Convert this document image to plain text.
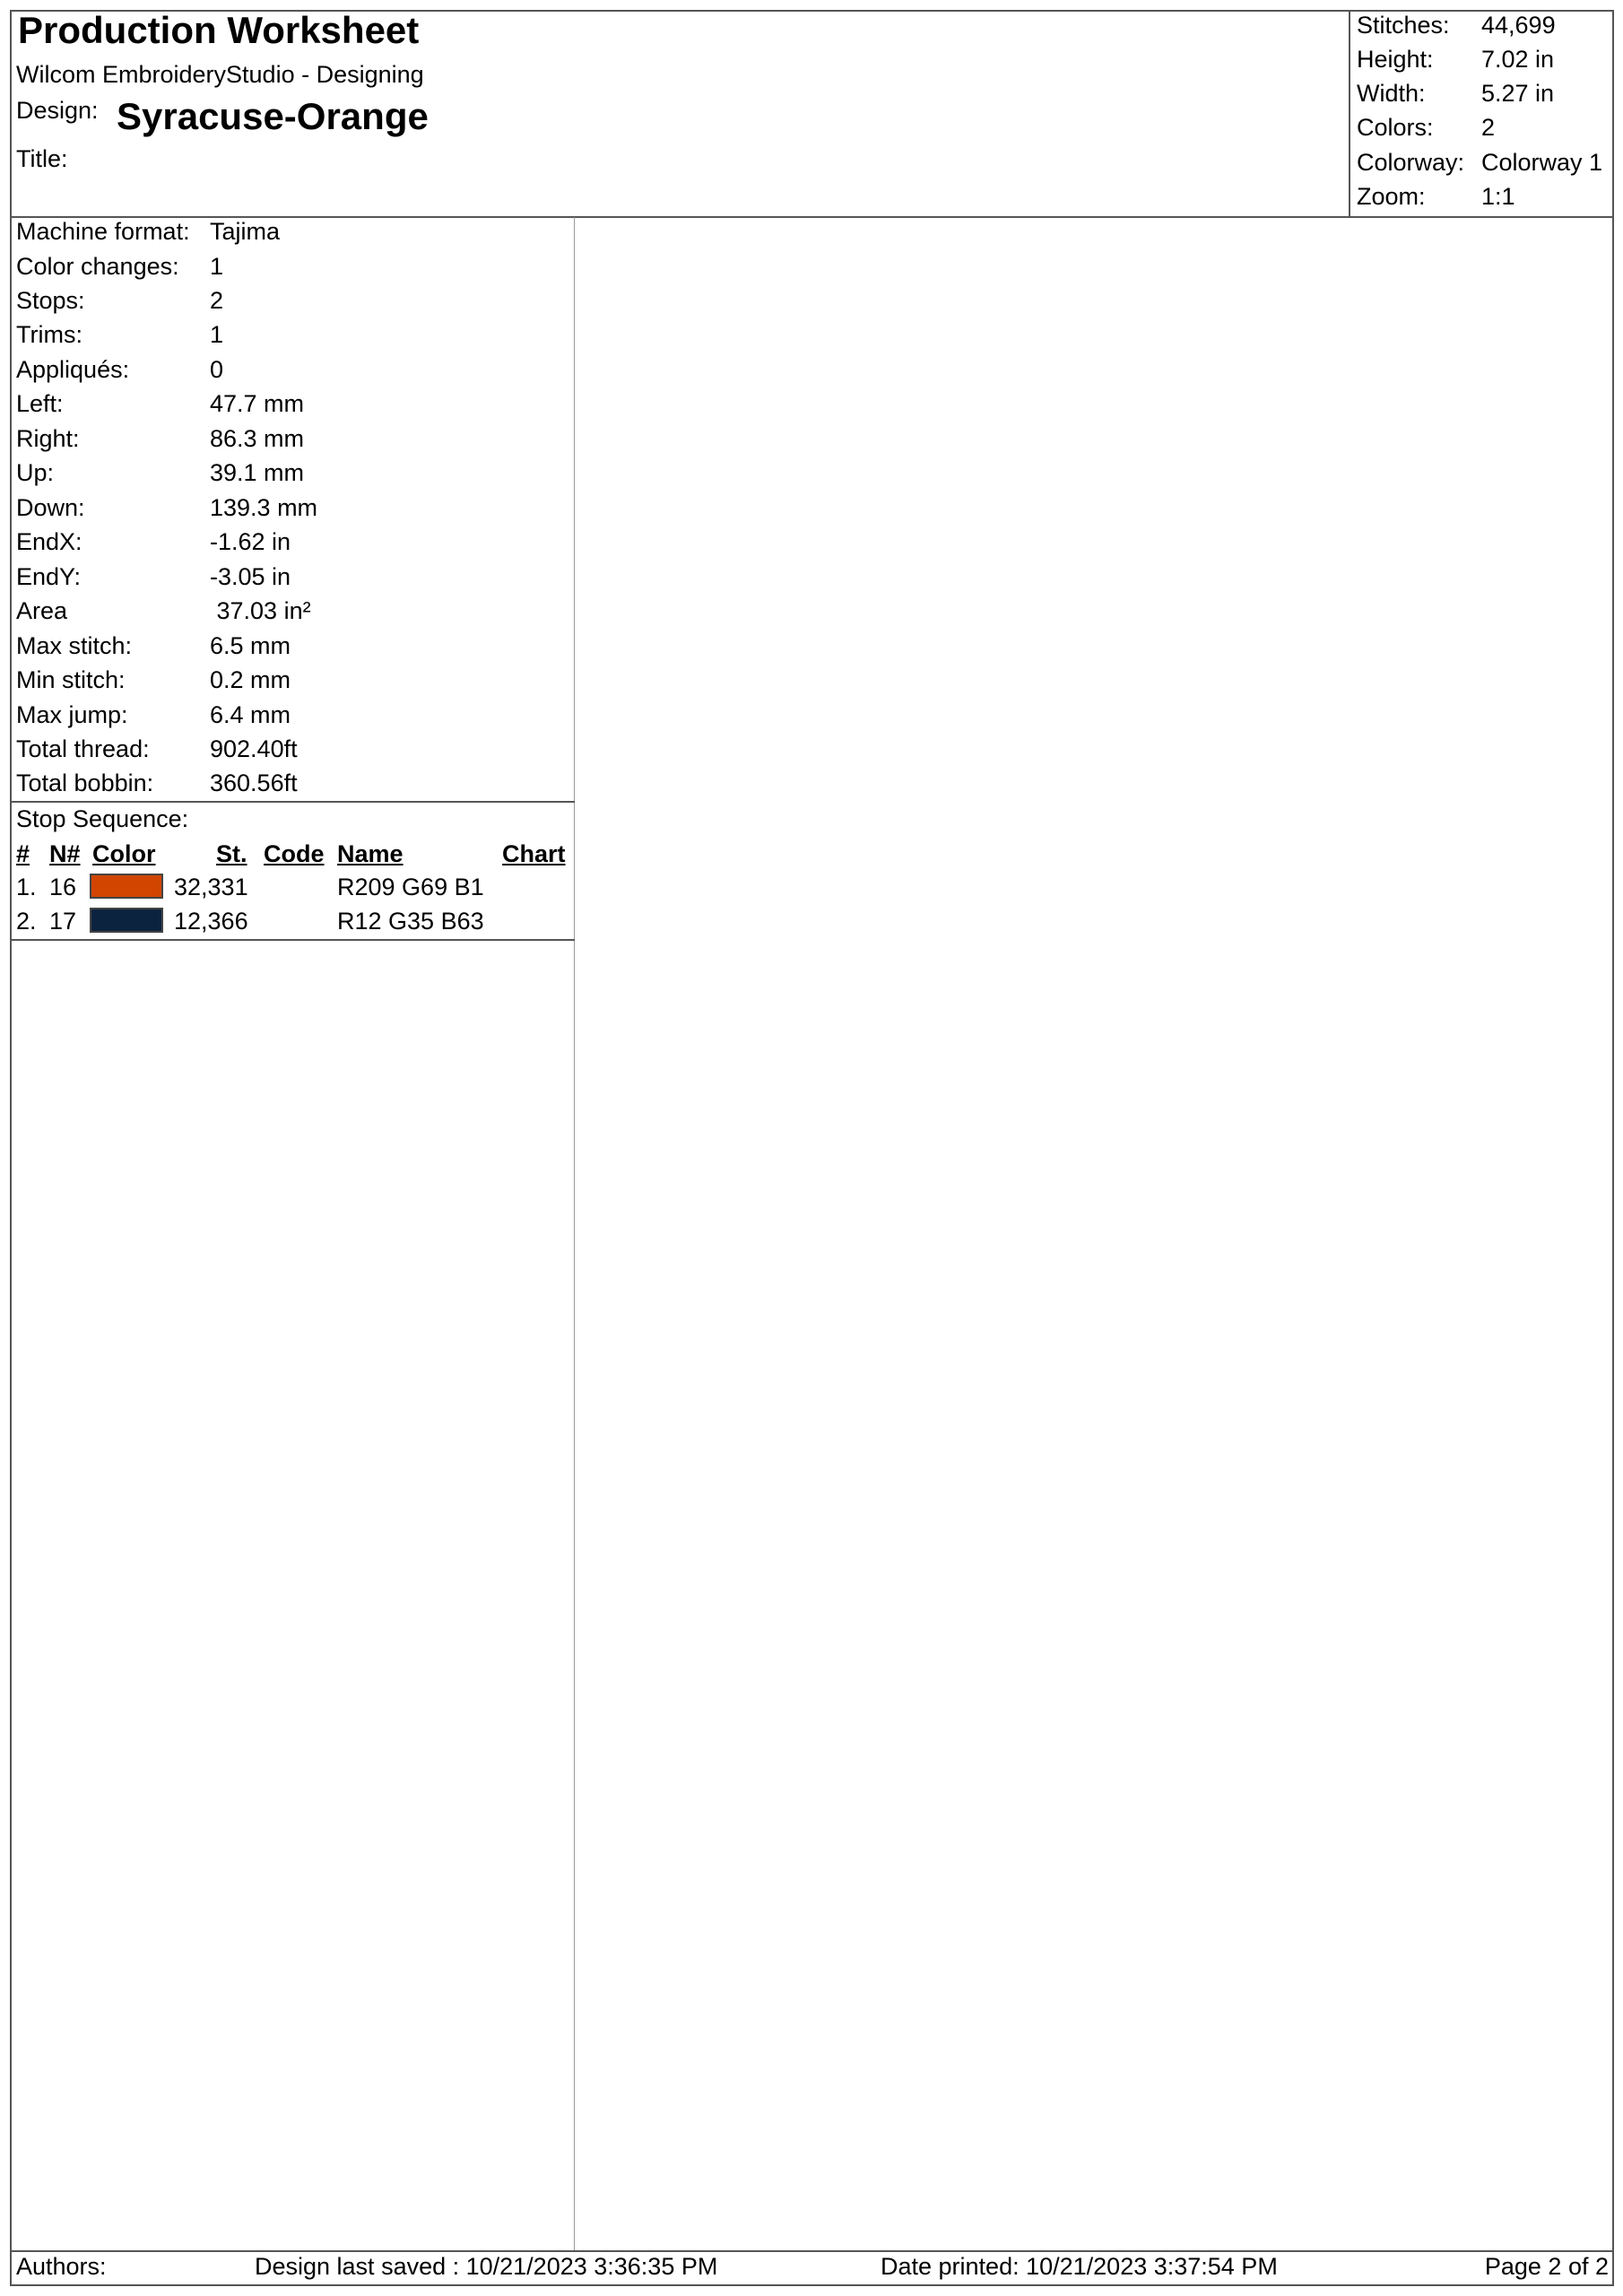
Production Worksheet
Wilcom EmbroideryStudio - Designing
Design: Syracuse-Orange
Title:
Stitches: 44,699
Height: 7.02 in
Width: 5.27 in
Colors: 2
Colorway: Colorway 1
Zoom: 1:1
Machine format: Tajima
Color changes: 1
Stops:	2
Trims:	1
Appliqués:	0
Left:	47.7 mm
Right:	86.3 mm
Up:	39.1 mm
Down:	139.3 mm
EndX:	-1.62 in
EndY:	-3.05 in
Area	37.03 in²
Max stitch:	6.5 mm
Min stitch:	0.2 mm
Max jump:	6.4 mm
Total thread: 902.40ft
Total bobbin: 360.56ft
Stop Sequence:
# N# Color	St. Code Name	Chart
1. 16	32,331	R209 G69 B1
2. 17	12,366	R12 G35 B63
Authors:	Design last saved : 10/21/2023 3:36:35 PM	Date printed: 10/21/2023 3:37:54 PM	Page 2 of 2
